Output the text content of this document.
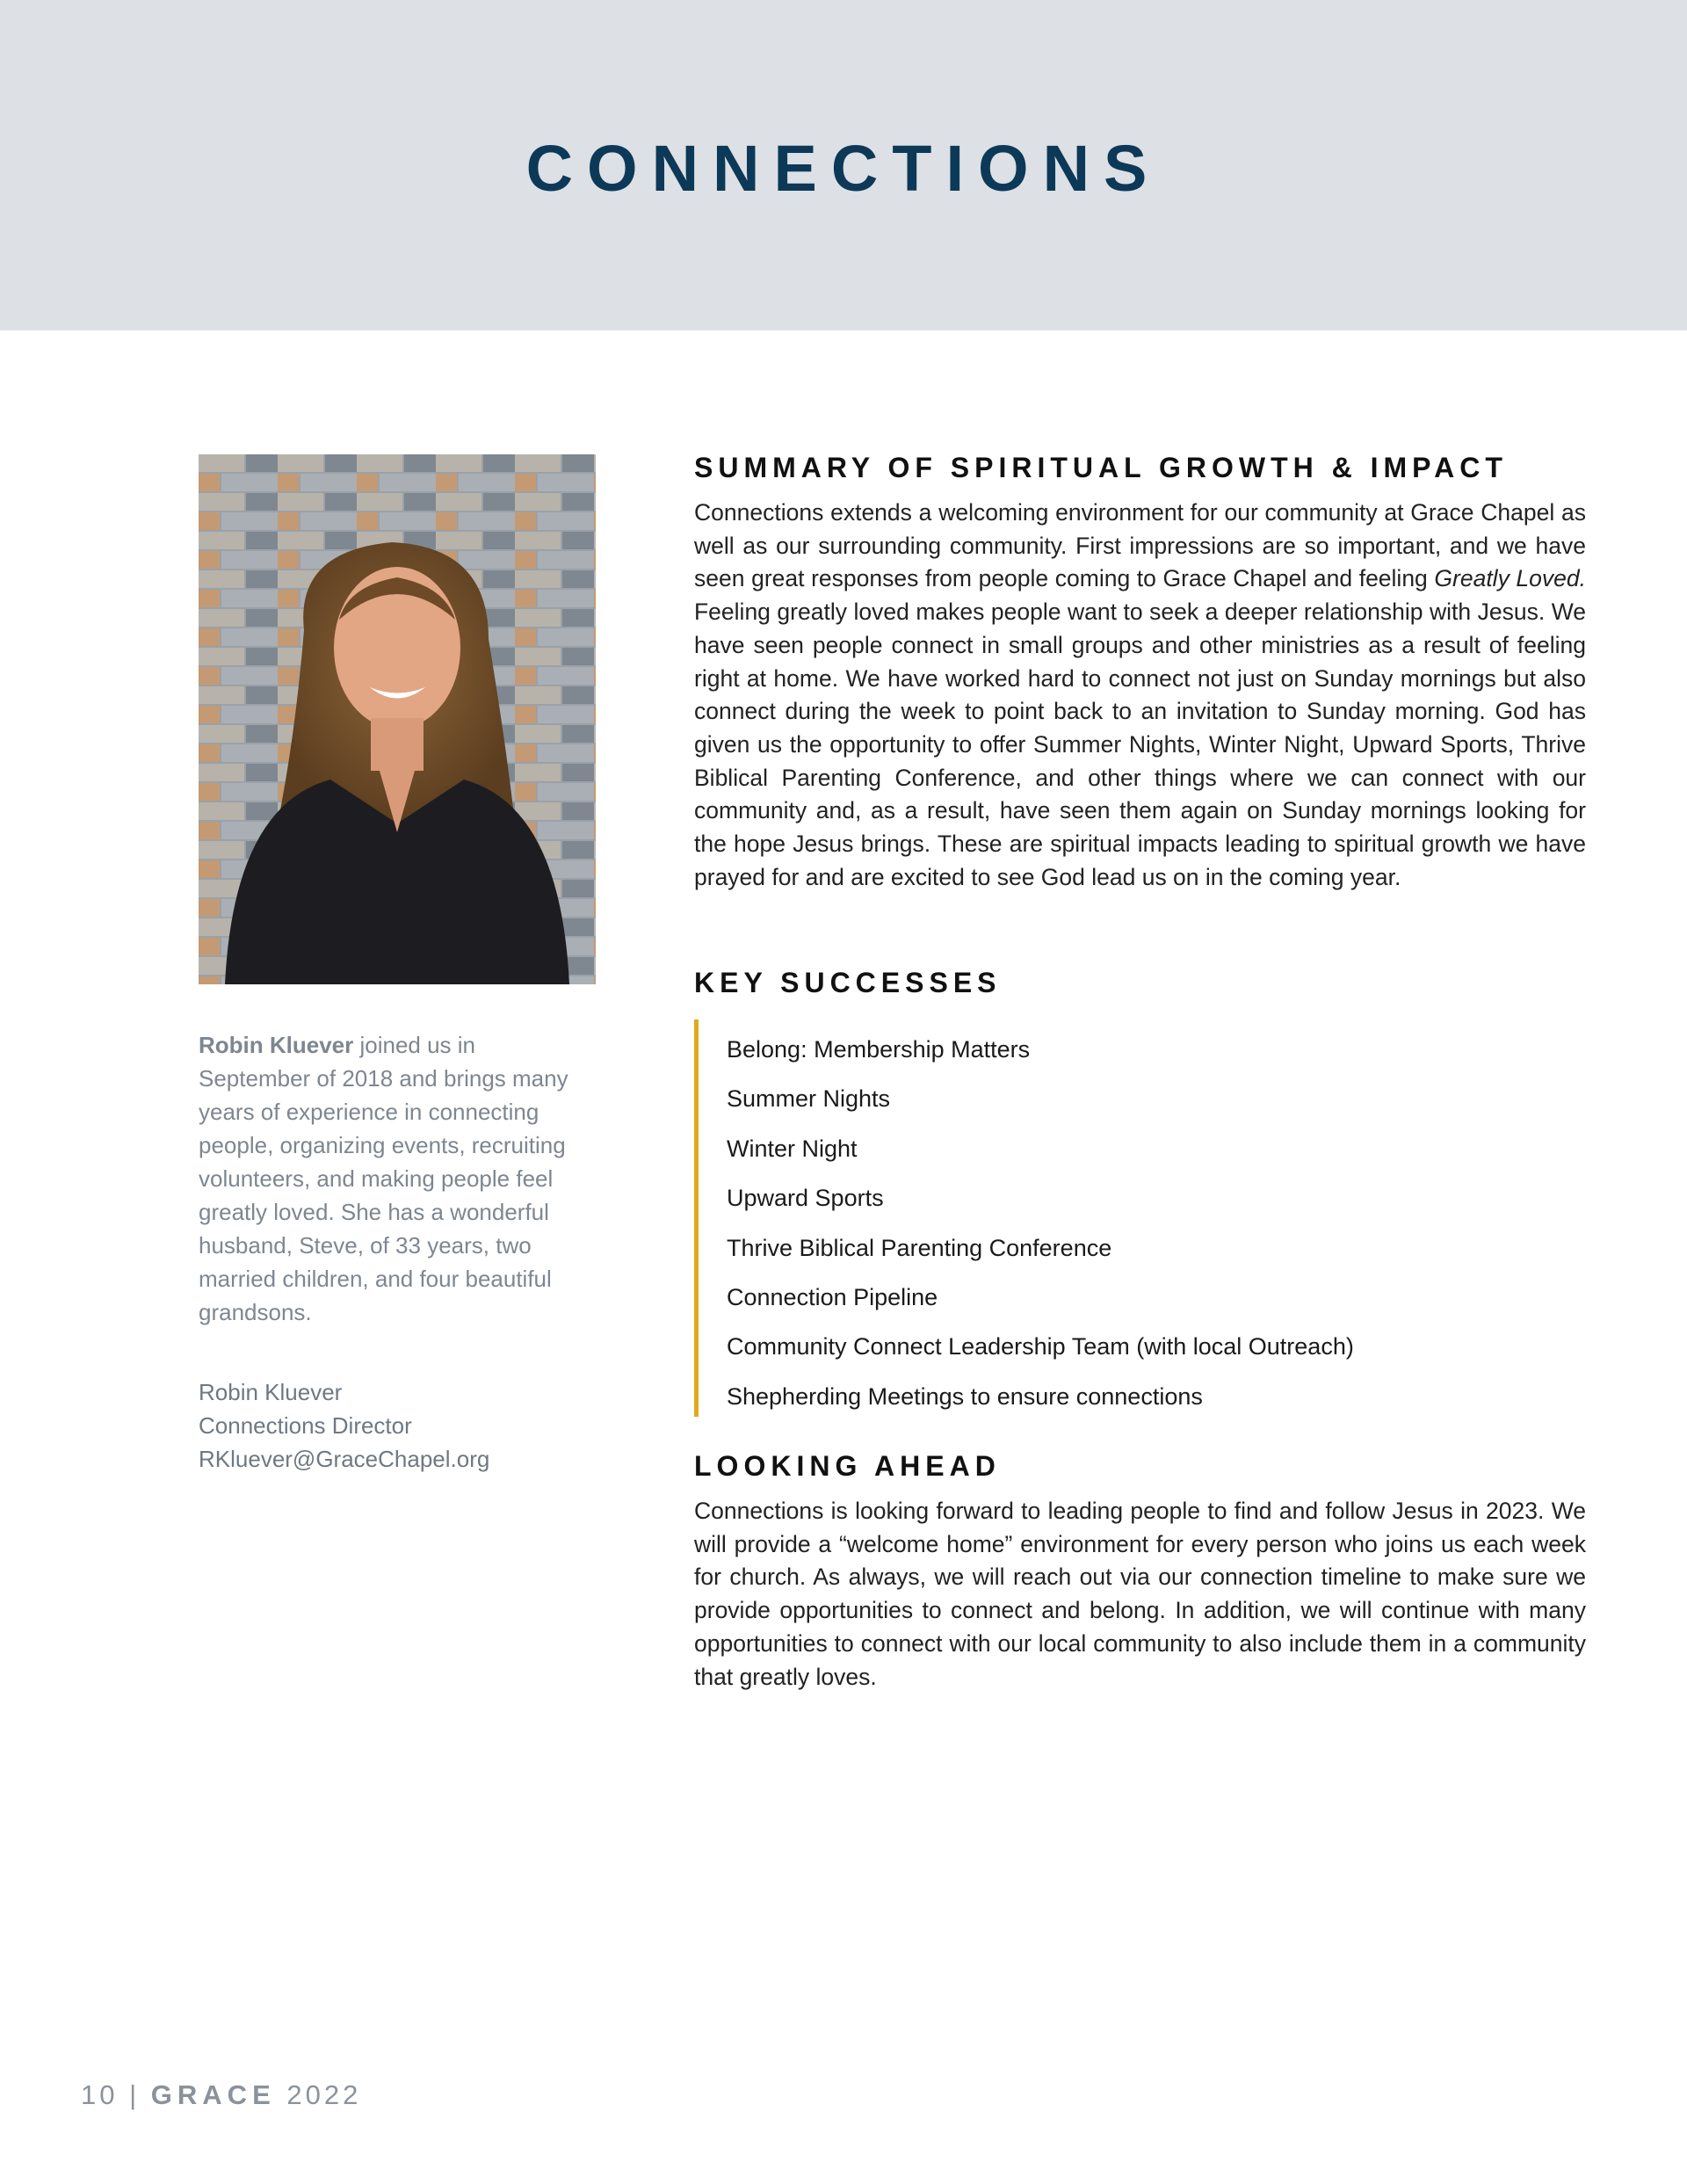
CONNECTIONS

Robin Kluever joined us in September of 2018 and brings many years of experience in connecting people, organizing events, recruiting volunteers, and making people feel greatly loved. She has a wonderful husband, Steve, of 33 years, two married children, and four beautiful grandsons.

Robin Kluever
Connections Director
RKluever@GraceChapel.org
SUMMARY OF SPIRITUAL GROWTH & IMPACT

Connections extends a welcoming environment for our community at Grace Chapel as well as our surrounding community. First impressions are so important, and we have seen great responses from people coming to Grace Chapel and feeling Greatly Loved. Feeling greatly loved makes people want to seek a deeper relationship with Jesus. We have seen people connect in small groups and other ministries as a result of feeling right at home. We have worked hard to connect not just on Sunday mornings but also connect during the week to point back to an invitation to Sunday morning. God has given us the opportunity to offer Summer Nights, Winter Night, Upward Sports, Thrive Biblical Parenting Conference, and other things where we can connect with our community and, as a result, have seen them again on Sunday mornings looking for the hope Jesus brings. These are spiritual impacts leading to spiritual growth we have prayed for and are excited to see God lead us on in the coming year.

KEY SUCCESSES
Belong: Membership Matters
Summer Nights
Winter Night
Upward Sports
Thrive Biblical Parenting Conference
Connection Pipeline
Community Connect Leadership Team (with local Outreach)
Shepherding Meetings to ensure connections
LOOKING AHEAD

Connections is looking forward to leading people to find and follow Jesus in 2023. We will provide a “welcome home” environment for every person who joins us each week for church. As always, we will reach out via our connection timeline to make sure we provide opportunities to connect and belong. In addition, we will continue with many opportunities to connect with our local community to also include them in a community that greatly loves.

10 | GRACE 2022
